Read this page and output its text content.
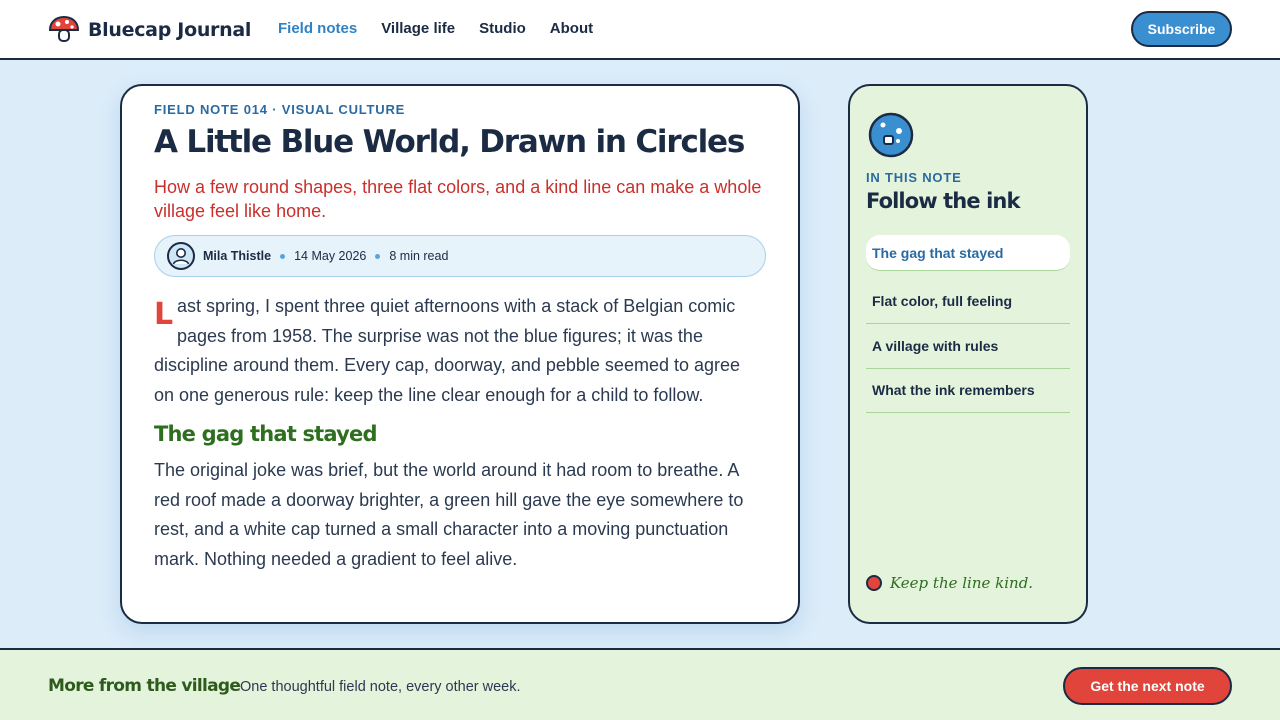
Bluecap Journal Field notes Village life Studio About	Subscribe
FIELD NOTE 014 · VISUAL CULTURE
A Little Blue World, Drawn in Circles

How a few round shapes, three flat colors, and a kind line can make a whole village feel like home.

Mila Thistle 14 May 2026 8 min read
L ast spring, I spent three quiet afternoons with a stack of Belgian comic pages from 1958. The surprise was not the blue figures; it was the
discipline around them. Every cap, doorway, and pebble seemed to agree on one generous rule: keep the line clear enough for a child to follow.
The gag that stayed

The original joke was brief, but the world around it had room to breathe. A red roof made a doorway brighter, a green hill gave the eye somewhere to rest, and a white cap turned a small character into a moving punctuation mark. Nothing needed a gradient to feel alive.

IN THIS NOTE
Follow the ink
The gag that stayed
Flat color, full feeling
A village with rules
What the ink remembers
Keep the line kind.
More from the village One thoughtful field note, every other week.	Get the next note
